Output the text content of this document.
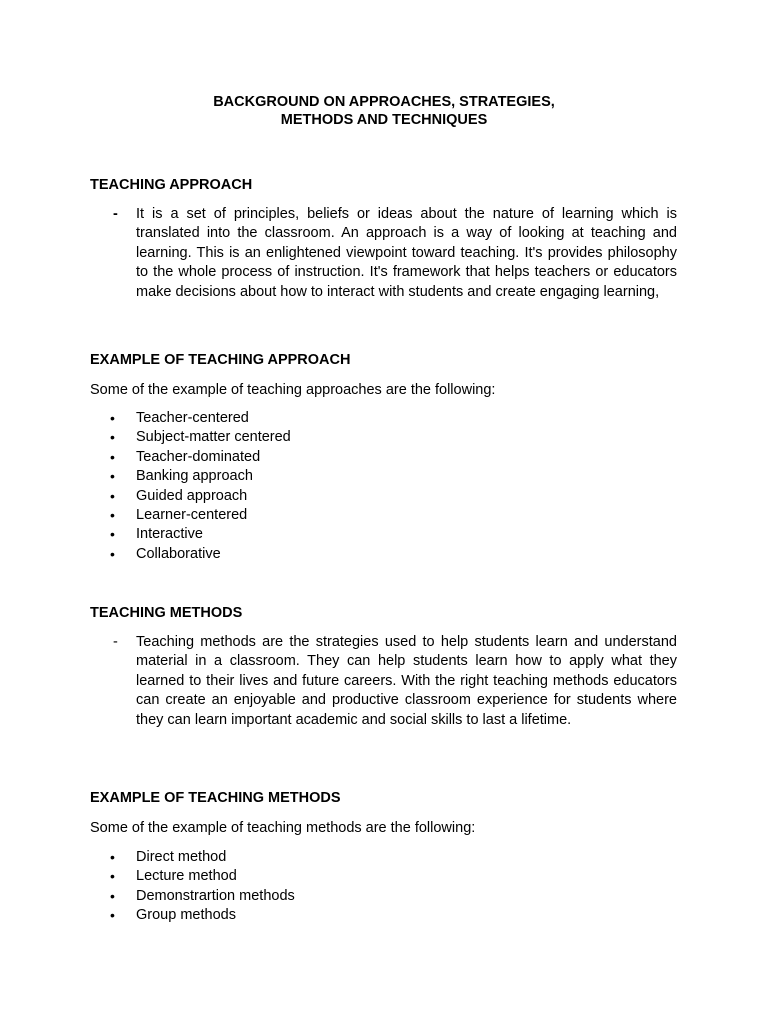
BACKGROUND ON APPROACHES, STRATEGIES,
METHODS AND TECHNIQUES
TEACHING APPROACH
- It is a set of principles, beliefs or ideas about the nature of learning which is translated into the classroom. An approach is a way of looking at teaching and learning. This is an enlightened viewpoint toward teaching. It's provides philosophy to the whole process of instruction. It's framework that helps teachers or educators make decisions about how to interact with students and create engaging learning,
EXAMPLE OF TEACHING APPROACH
Some of the example of teaching approaches are the following:
• Teacher-centered
• Subject-matter centered
• Teacher-dominated
• Banking approach
• Guided approach
• Learner-centered
• Interactive
• Collaborative
TEACHING METHODS
- Teaching methods are the strategies used to help students learn and understand material in a classroom. They can help students learn how to apply what they learned to their lives and future careers. With the right teaching methods educators can create an enjoyable and productive classroom experience for students where they can learn important academic and social skills to last a lifetime.
EXAMPLE OF TEACHING METHODS
Some of the example of teaching methods are the following:
• Direct method
• Lecture method
• Demonstrartion methods
• Group methods
